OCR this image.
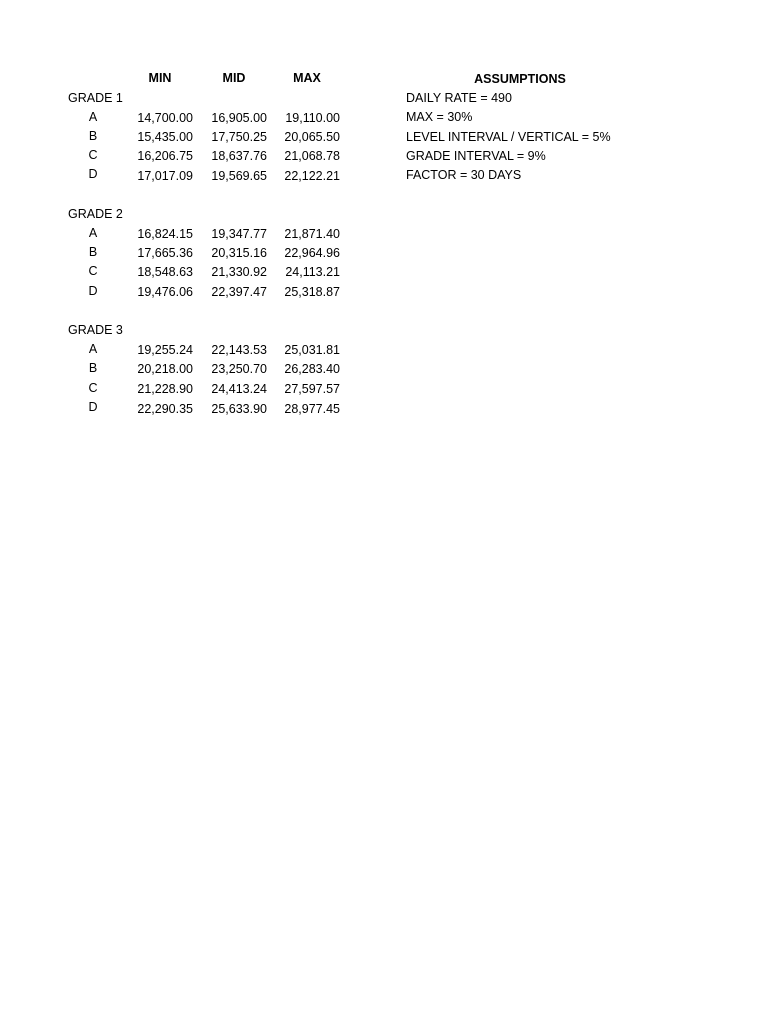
MIN	MID	MAX
GRADE 1
A	14,700.00	16,905.00	19,110.00
B	15,435.00	17,750.25	20,065.50
C	16,206.75	18,637.76	21,068.78
D	17,017.09	19,569.65	22,122.21
GRADE 2
A	16,824.15	19,347.77	21,871.40
B	17,665.36	20,315.16	22,964.96
C	18,548.63	21,330.92	24,113.21
D	19,476.06	22,397.47	25,318.87
GRADE 3
A	19,255.24	22,143.53	25,031.81
B	20,218.00	23,250.70	26,283.40
C	21,228.90	24,413.24	27,597.57
D	22,290.35	25,633.90	28,977.45
ASSUMPTIONS
DAILY RATE = 490
MAX = 30%
LEVEL INTERVAL / VERTICAL = 5%
GRADE INTERVAL = 9%
FACTOR = 30 DAYS
